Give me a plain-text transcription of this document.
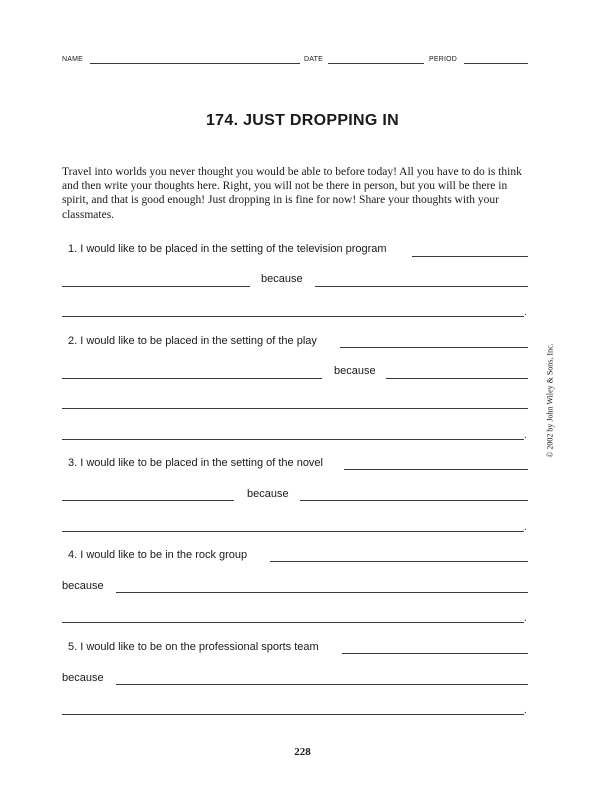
NAME	DATE	PERIOD
174. JUST DROPPING IN
Travel into worlds you never thought you would be able to before today! All you have to do is think and then write your thoughts here. Right, you will not be there in person, but you will be there in spirit, and that is good enough! Just dropping in is fine for now! Share your thoughts with your classmates.
1. I would like to be placed in the setting of the television program
because
.
2. I would like to be placed in the setting of the play
because
.
3. I would like to be placed in the setting of the novel
because
.
4. I would like to be in the rock group
because
.
5. I would like to be on the professional sports team
because
.
© 2002 by John Wiley & Sons, Inc.
228
